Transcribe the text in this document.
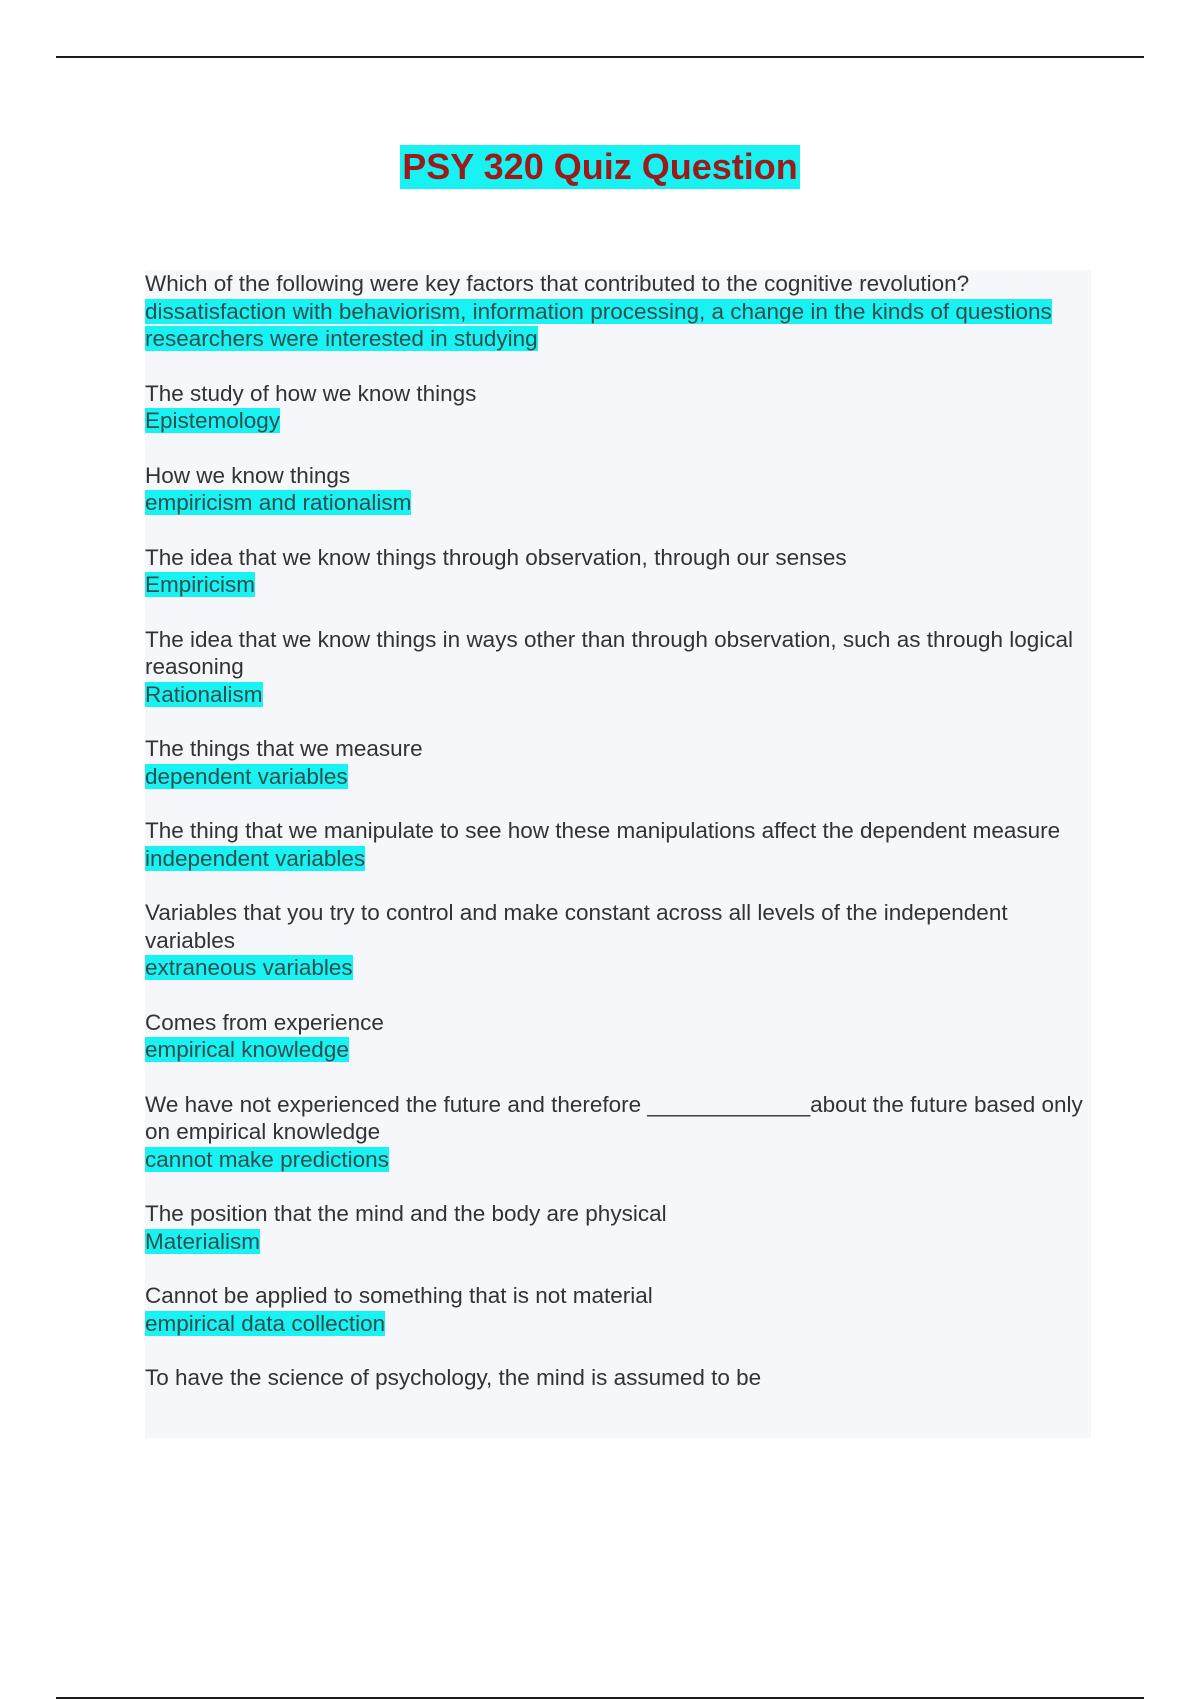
PSY 320 Quiz Question
Which of the following were key factors that contributed to the cognitive revolution?
dissatisfaction with behaviorism, information processing, a change in the kinds of questions researchers were interested in studying
The study of how we know things
Epistemology
How we know things
empiricism and rationalism
The idea that we know things through observation, through our senses
Empiricism
The idea that we know things in ways other than through observation, such as through logical reasoning
Rationalism
The things that we measure
dependent variables
The thing that we manipulate to see how these manipulations affect the dependent measure
independent variables
Variables that you try to control and make constant across all levels of the independent variables
extraneous variables
Comes from experience
empirical knowledge
We have not experienced the future and therefore _____________about the future based only on empirical knowledge
cannot make predictions
The position that the mind and the body are physical
Materialism
Cannot be applied to something that is not material
empirical data collection
To have the science of psychology, the mind is assumed to be
